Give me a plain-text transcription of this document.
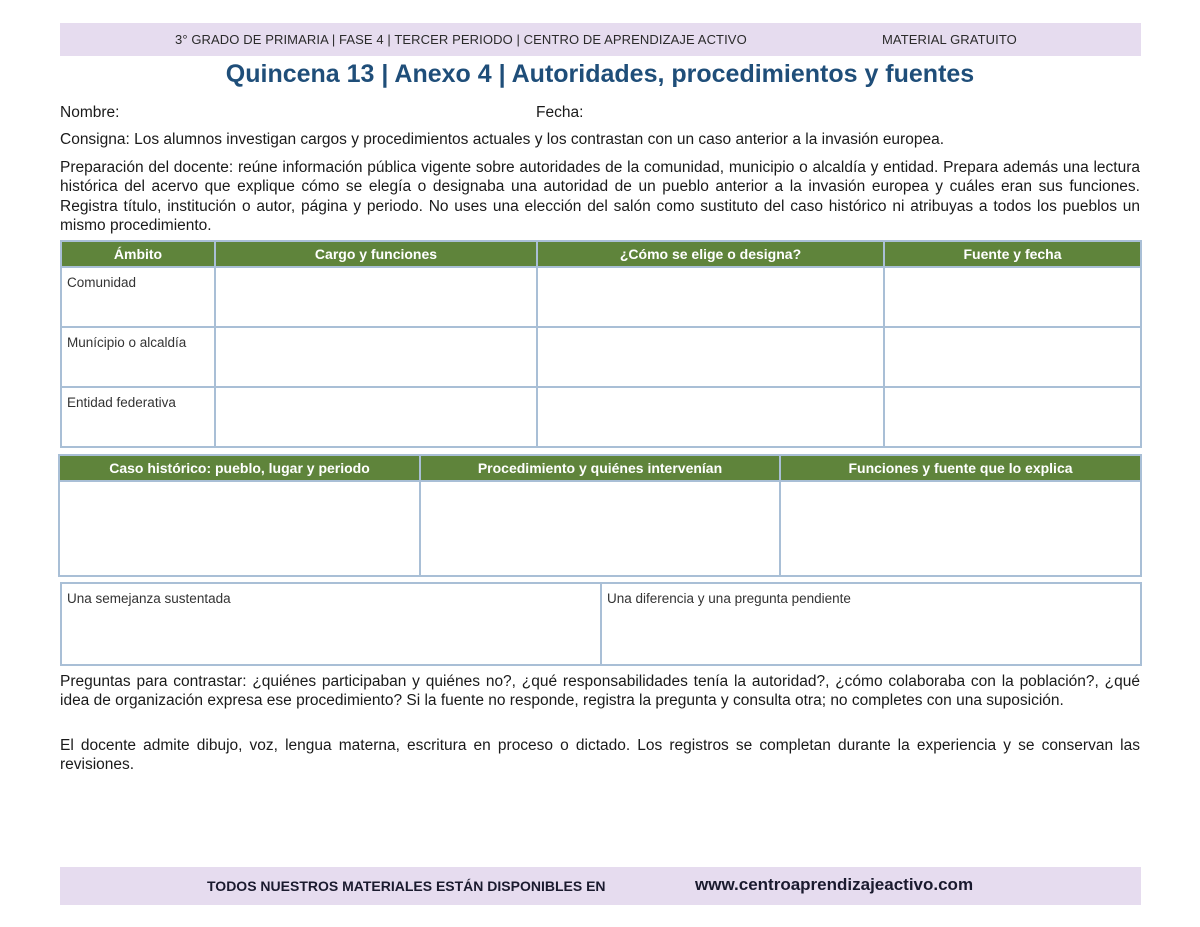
3° GRADO DE PRIMARIA | FASE 4 | TERCER PERIODO | CENTRO DE APRENDIZAJE ACTIVO	MATERIAL GRATUITO
Quincena 13 | Anexo 4 | Autoridades, procedimientos y fuentes
Nombre:	Fecha:
Consigna: Los alumnos investigan cargos y procedimientos actuales y los contrastan con un caso anterior a la invasión europea.
Preparación del docente: reúne información pública vigente sobre autoridades de la comunidad, municipio o alcaldía y entidad. Prepara además una lectura histórica del acervo que explique cómo se elegía o designaba una autoridad de un pueblo anterior a la invasión europea y cuáles eran sus funciones. Registra título, institución o autor, página y periodo. No uses una elección del salón como sustituto del caso histórico ni atribuyas a todos los pueblos un mismo procedimiento.
Ámbito	Cargo y funciones	¿Cómo se elige o designa?	Fuente y fecha
Comunidad			
Munícipio o alcaldía			
Entidad federativa			
Caso histórico: pueblo, lugar y periodo	Procedimiento y quiénes intervenían	Funciones y fuente que lo explica

Una semejanza sustentada	Una diferencia y una pregunta pendiente
Preguntas para contrastar: ¿quiénes participaban y quiénes no?, ¿qué responsabilidades tenía la autoridad?, ¿cómo colaboraba con la población?, ¿qué idea de organización expresa ese procedimiento? Si la fuente no responde, registra la pregunta y consulta otra; no completes con una suposición.
El docente admite dibujo, voz, lengua materna, escritura en proceso o dictado. Los registros se completan durante la experiencia y se conservan las revisiones.
TODOS NUESTROS MATERIALES ESTÁN DISPONIBLES EN	www.centroaprendizajeactivo.com
